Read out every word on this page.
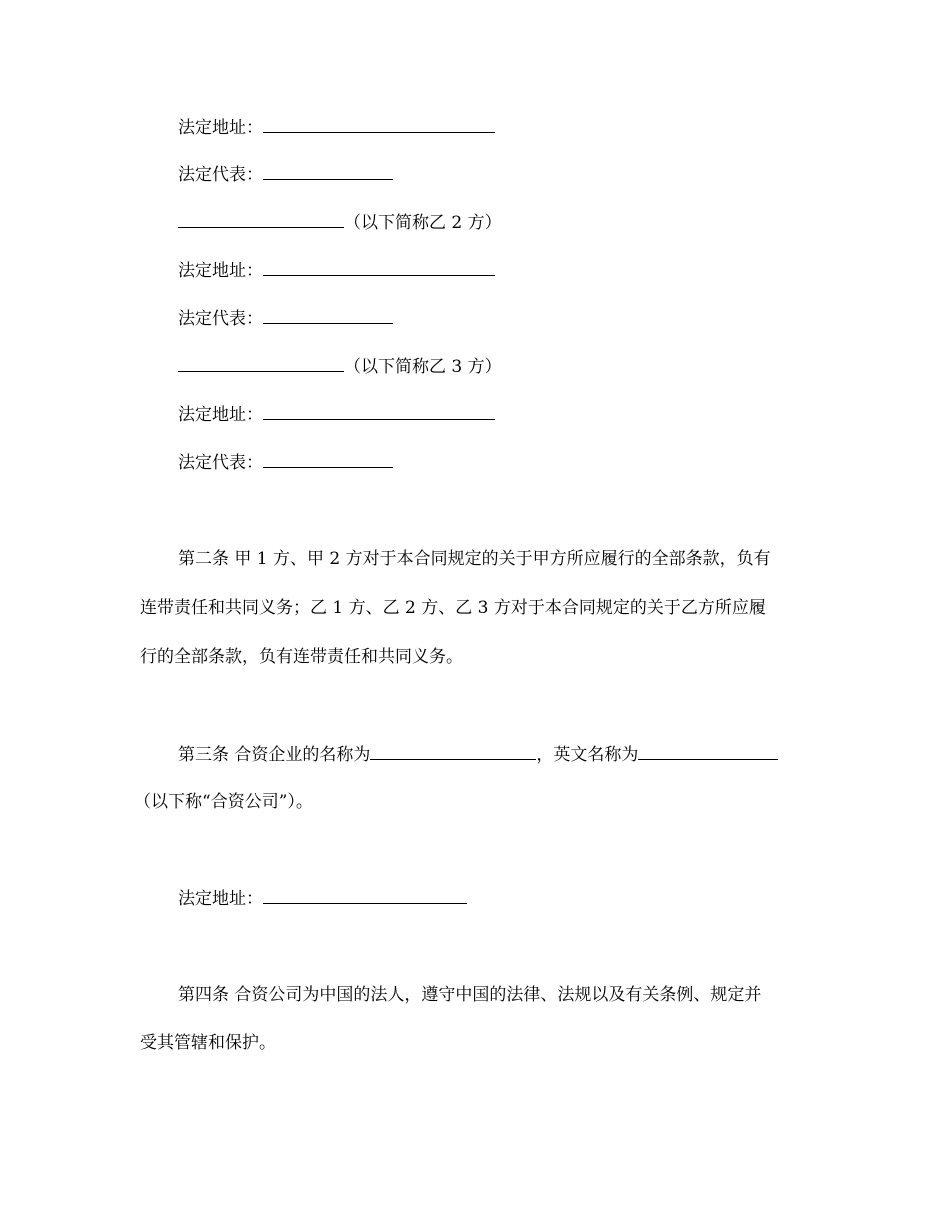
法定地址：
法定代表：
（以下简称乙 2 方）
法定地址：
法定代表：
（以下简称乙 3 方）
法定地址：
法定代表：
第二条 甲 1 方、甲 2 方对于本合同规定的关于甲方所应履行的全部条款，负有
连带责任和共同义务；乙 1 方、乙 2 方、乙 3 方对于本合同规定的关于乙方所应履
行的全部条款，负有连带责任和共同义务。
第三条 合资企业的名称为	，英文名称为
（以下称“合资公司”）。
法定地址：
第四条 合资公司为中国的法人，遵守中国的法律、法规以及有关条例、规定并
受其管辖和保护。
